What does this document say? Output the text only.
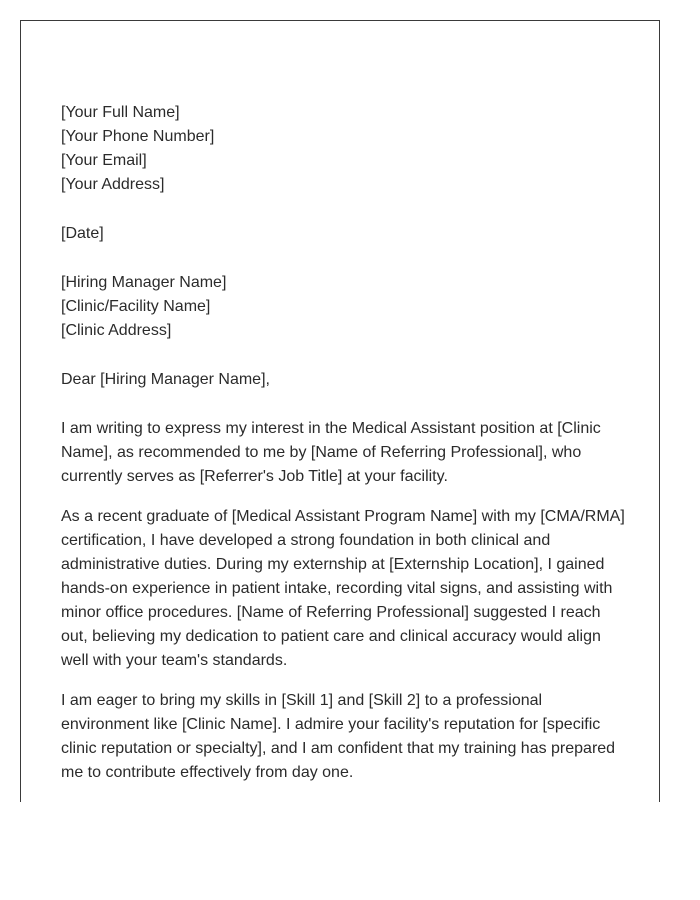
[Your Full Name]
[Your Phone Number]
[Your Email]
[Your Address]
[Date]
[Hiring Manager Name]
[Clinic/Facility Name]
[Clinic Address]
Dear [Hiring Manager Name],

I am writing to express my interest in the Medical Assistant position at [Clinic Name], as recommended to me by [Name of Referring Professional], who currently serves as [Referrer's Job Title] at your facility.

As a recent graduate of [Medical Assistant Program Name] with my [CMA/RMA] certification, I have developed a strong foundation in both clinical and administrative duties. During my externship at [Externship Location], I gained hands-on experience in patient intake, recording vital signs, and assisting with minor office procedures. [Name of Referring Professional] suggested I reach out, believing my dedication to patient care and clinical accuracy would align well with your team's standards.

I am eager to bring my skills in [Skill 1] and [Skill 2] to a professional environment like [Clinic Name]. I admire your facility's reputation for [specific clinic reputation or specialty], and I am confident that my training has prepared me to contribute effectively from day one.
